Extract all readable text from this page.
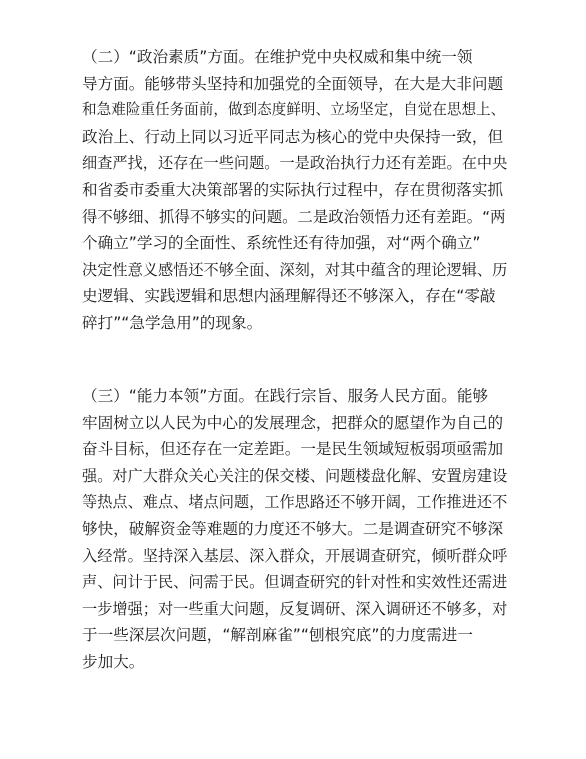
（二）“政治素质”方面。在维护党中央权威和集中统一领
导方面。能够带头坚持和加强党的全面领导，在大是大非问题
和急难险重任务面前，做到态度鲜明、立场坚定，自觉在思想上、
政治上、行动上同以习近平同志为核心的党中央保持一致，但
细查严找，还存在一些问题。一是政治执行力还有差距。在中央
和省委市委重大决策部署的实际执行过程中，存在贯彻落实抓
得不够细、抓得不够实的问题。二是政治领悟力还有差距。“两
个确立”学习的全面性、系统性还有待加强，对“两个确立”
决定性意义感悟还不够全面、深刻，对其中蕴含的理论逻辑、历
史逻辑、实践逻辑和思想内涵理解得还不够深入，存在“零敲
碎打”“急学急用”的现象。
（三）“能力本领”方面。在践行宗旨、服务人民方面。能够
牢固树立以人民为中心的发展理念，把群众的愿望作为自己的
奋斗目标，但还存在一定差距。一是民生领域短板弱项亟需加
强。对广大群众关心关注的保交楼、问题楼盘化解、安置房建设
等热点、难点、堵点问题，工作思路还不够开阔，工作推进还不
够快，破解资金等难题的力度还不够大。二是调查研究不够深
入经常。坚持深入基层、深入群众，开展调查研究，倾听群众呼
声、问计于民、问需于民。但调查研究的针对性和实效性还需进
一步增强；对一些重大问题，反复调研、深入调研还不够多，对
于一些深层次问题，“解剖麻雀”“刨根究底”的力度需进一
步加大。
